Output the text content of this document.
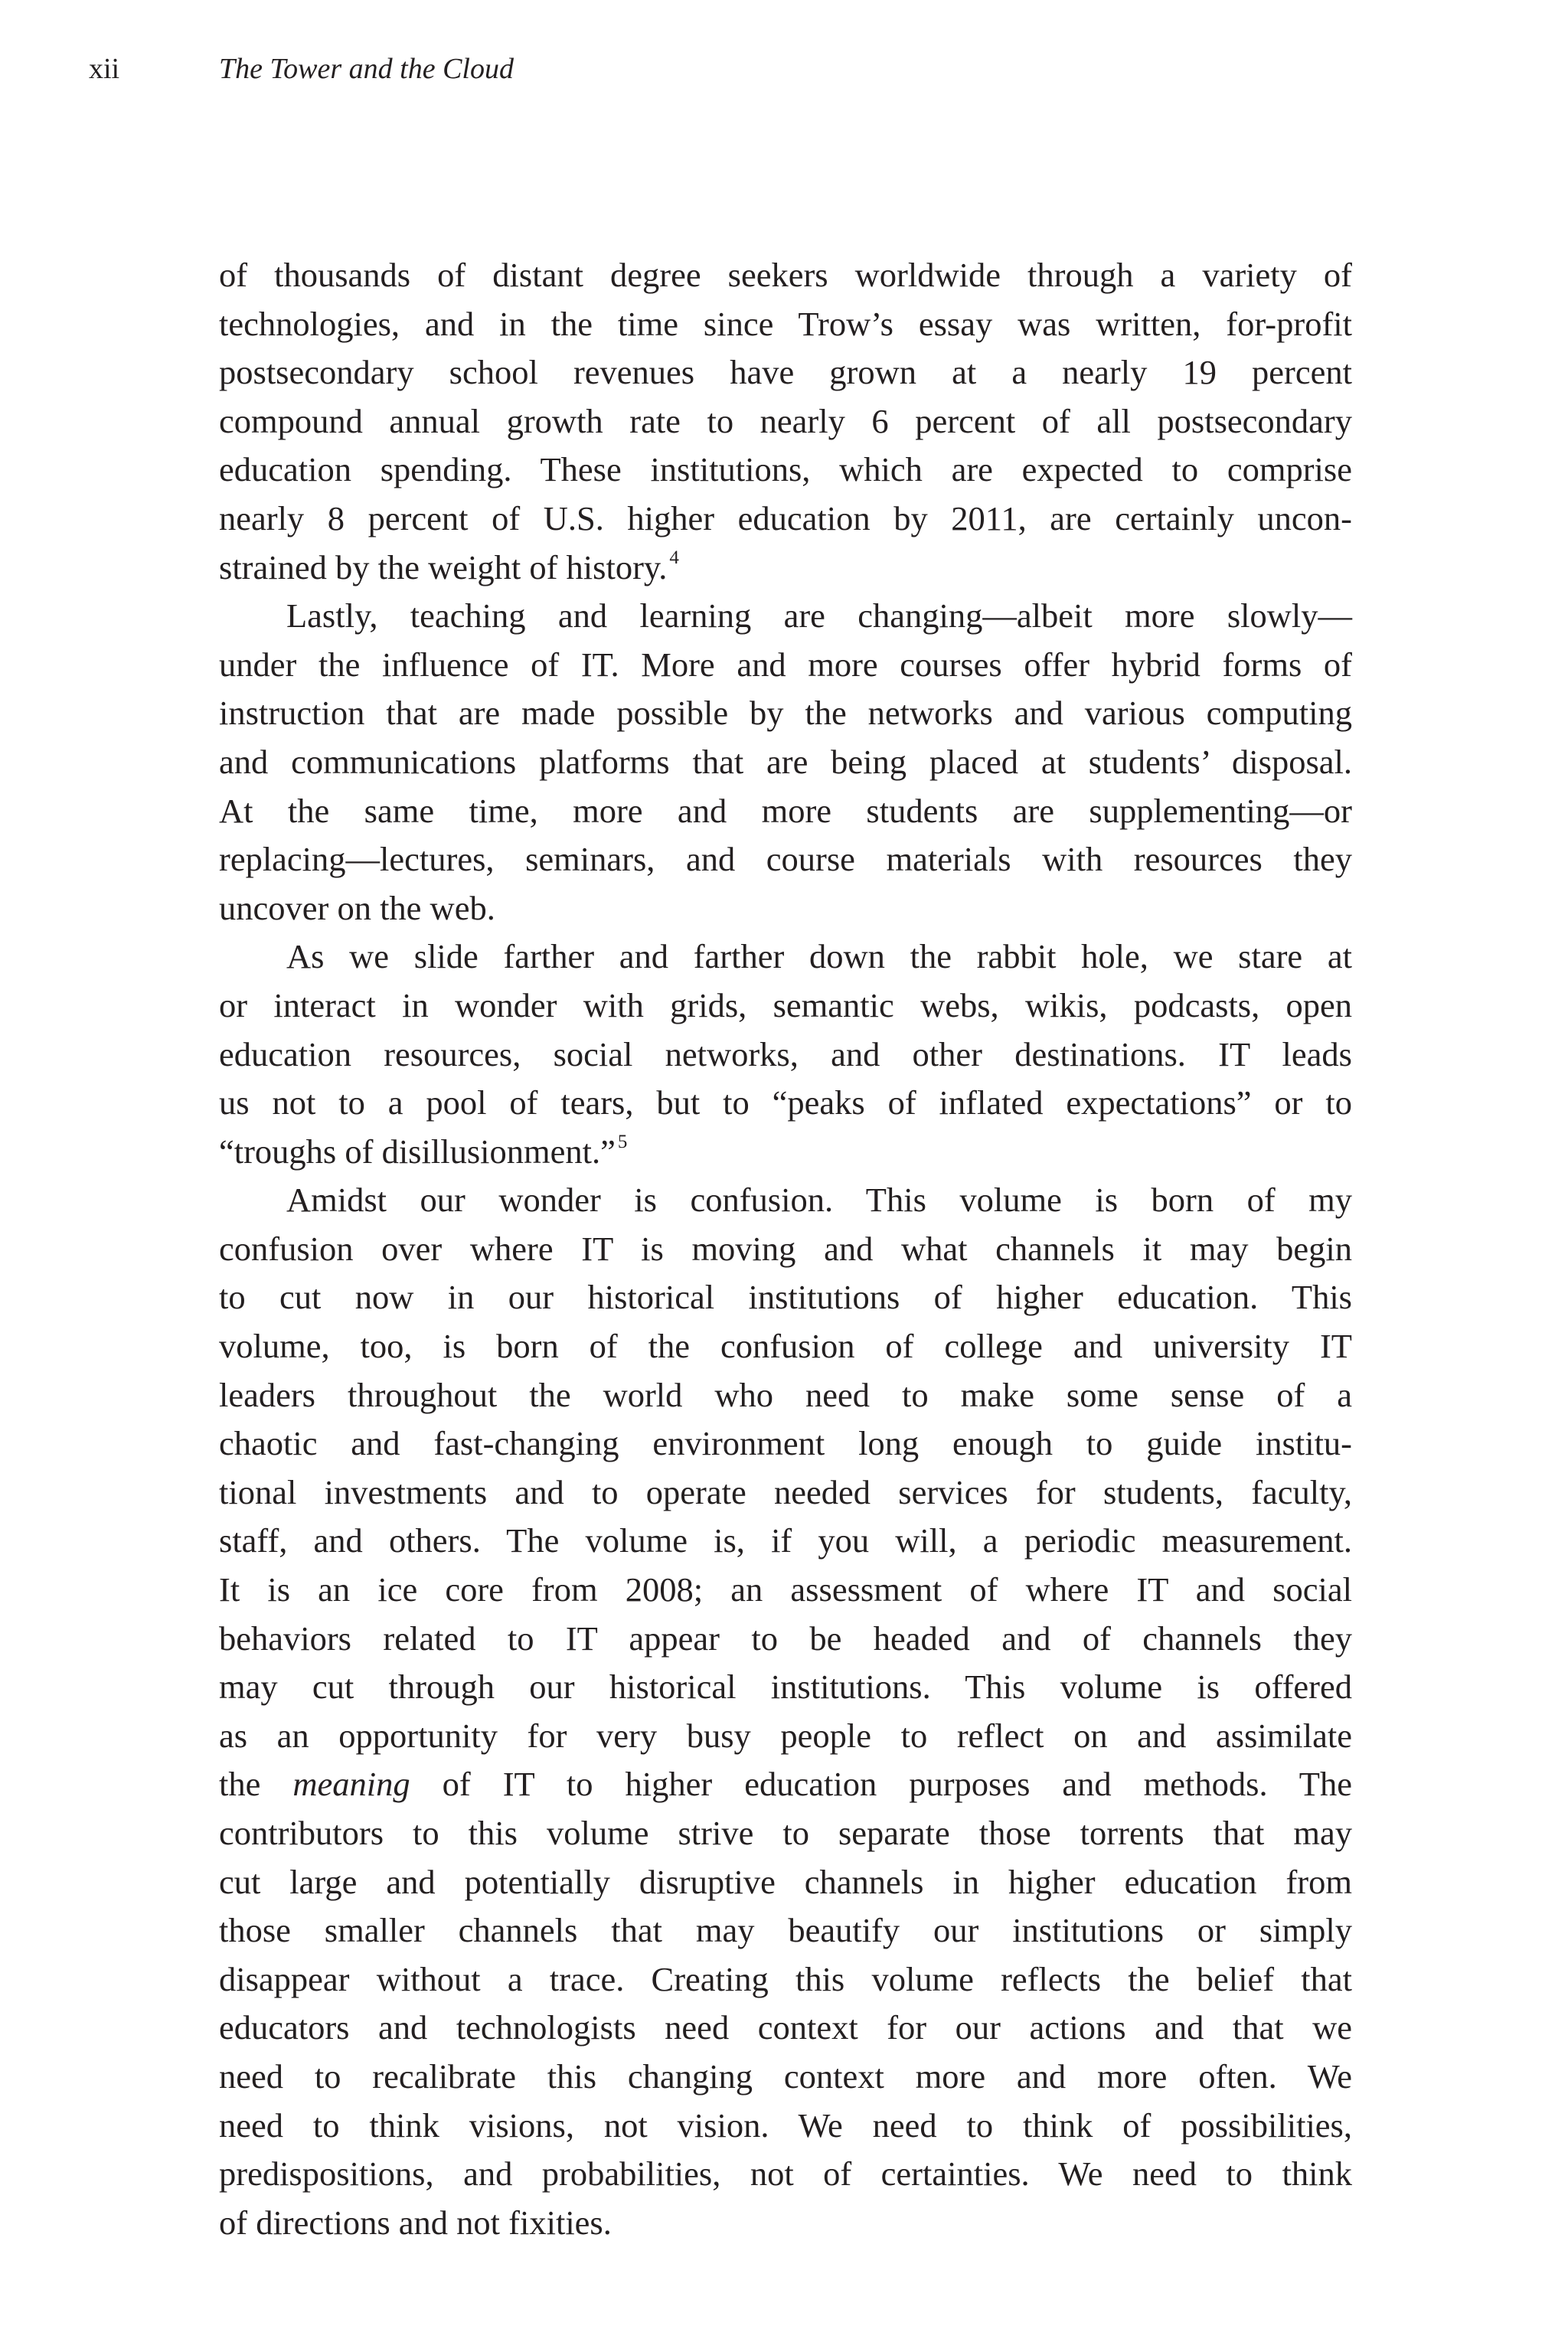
xii	The Tower and the Cloud
of thousands of distant degree seekers worldwide through a variety of
technologies, and in the time since Trow’s essay was written, for-profit
postsecondary school revenues have grown at a nearly 19 percent
compound annual growth rate to nearly 6 percent of all postsecondary
education spending. These institutions, which are expected to comprise
nearly 8 percent of U.S. higher education by 2011, are certainly uncon-
strained by the weight of history. $^4$
Lastly, teaching and learning are changing—albeit more slowly—
under the influence of IT. More and more courses offer hybrid forms of
instruction that are made possible by the networks and various computing
and communications platforms that are being placed at students’ disposal.
At the same time, more and more students are supplementing—or
replacing—lectures, seminars, and course materials with resources they
uncover on the web.
As we slide farther and farther down the rabbit hole, we stare at
or interact in wonder with grids, semantic webs, wikis, podcasts, open
education resources, social networks, and other destinations. IT leads
us not to a pool of tears, but to “peaks of inflated expectations” or to
“troughs of disillusionment.” $^5$
Amidst our wonder is confusion. This volume is born of my
confusion over where IT is moving and what channels it may begin
to cut now in our historical institutions of higher education. This
volume, too, is born of the confusion of college and university IT
leaders throughout the world who need to make some sense of a
chaotic and fast-changing environment long enough to guide institu-
tional investments and to operate needed services for students, faculty,
staff, and others. The volume is, if you will, a periodic measurement.
It is an ice core from 2008; an assessment of where IT and social
behaviors related to IT appear to be headed and of channels they
may cut through our historical institutions. This volume is offered
as an opportunity for very busy people to reflect on and assimilate
the meaning of IT to higher education purposes and methods. The
contributors to this volume strive to separate those torrents that may
cut large and potentially disruptive channels in higher education from
those smaller channels that may beautify our institutions or simply
disappear without a trace. Creating this volume reflects the belief that
educators and technologists need context for our actions and that we
need to recalibrate this changing context more and more often. We
need to think visions, not vision. We need to think of possibilities,
predispositions, and probabilities, not of certainties. We need to think
of directions and not fixities.
